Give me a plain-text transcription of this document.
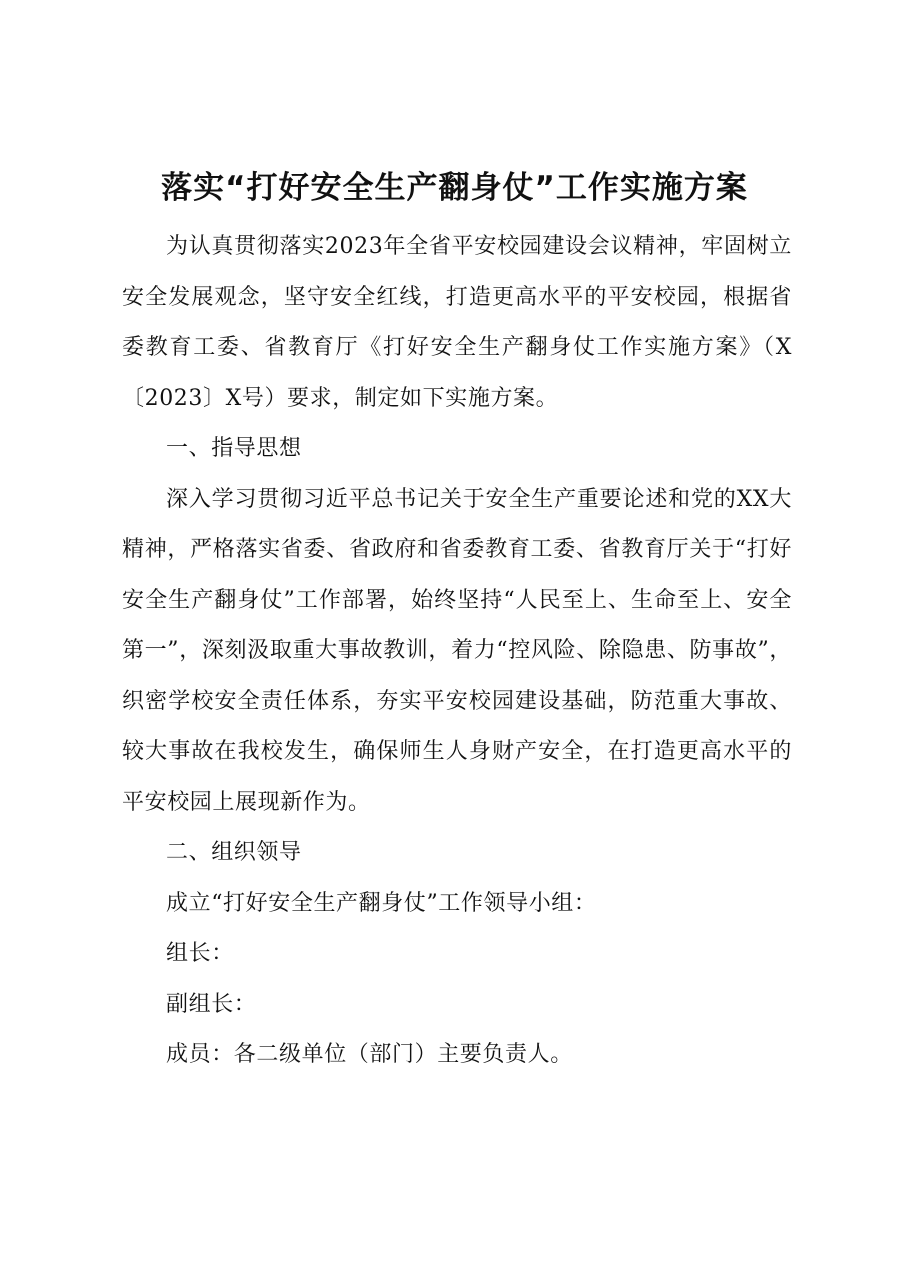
落实“打好安全生产翻身仗”工作实施方案

为认真贯彻落实2023年全省平安校园建设会议精神，牢固树立安全发展观念，坚守安全红线，打造更高水平的平安校园，根据省委教育工委、省教育厅《打好安全生产翻身仗工作实施方案》（X〔2023〕X号）要求，制定如下实施方案。

一、指导思想

深入学习贯彻习近平总书记关于安全生产重要论述和党的XX大精神，严格落实省委、省政府和省委教育工委、省教育厅关于“打好安全生产翻身仗”工作部署，始终坚持“人民至上、生命至上、安全第一”，深刻汲取重大事故教训，着力“控风险、除隐患、防事故”，织密学校安全责任体系，夯实平安校园建设基础，防范重大事故、较大事故在我校发生，确保师生人身财产安全，在打造更高水平的平安校园上展现新作为。

二、组织领导

成立“打好安全生产翻身仗”工作领导小组：

组长：

副组长：

成员：各二级单位（部门）主要负责人。
